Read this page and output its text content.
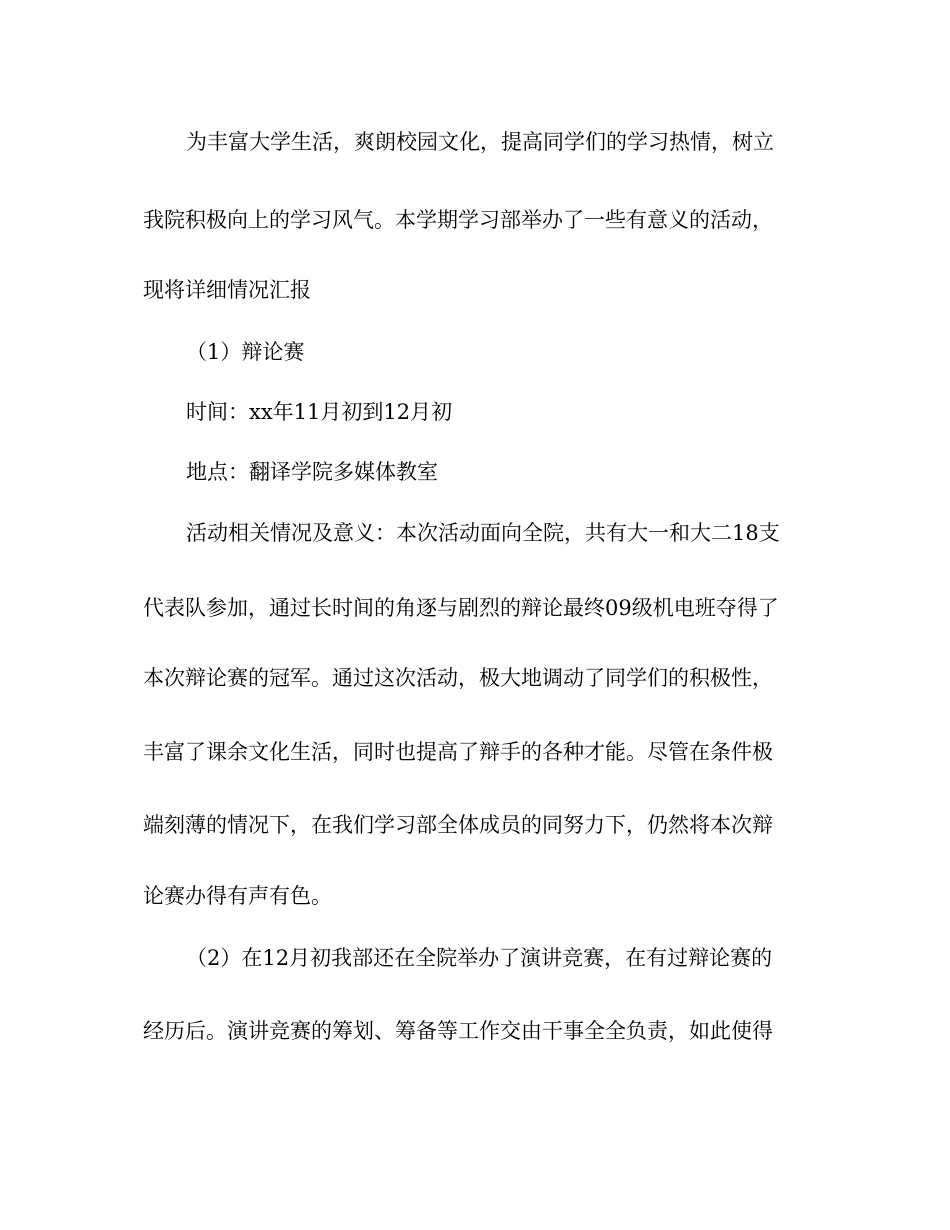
为丰富大学生活，爽朗校园文化，提高同学们的学习热情，树立
我院积极向上的学习风气。本学期学习部举办了一些有意义的活动，
现将详细情况汇报
（1）辩论赛
时间：xx年11月初到12月初
地点：翻译学院多媒体教室
活动相关情况及意义：本次活动面向全院，共有大一和大二18支
代表队参加，通过长时间的角逐与剧烈的辩论最终09级机电班夺得了
本次辩论赛的冠军。通过这次活动，极大地调动了同学们的积极性，
丰富了课余文化生活，同时也提高了辩手的各种才能。尽管在条件极
端刻薄的情况下，在我们学习部全体成员的同努力下，仍然将本次辩
论赛办得有声有色。
（2）在12月初我部还在全院举办了演讲竞赛，在有过辩论赛的
经历后。演讲竞赛的筹划、筹备等工作交由干事全全负责，如此使得
